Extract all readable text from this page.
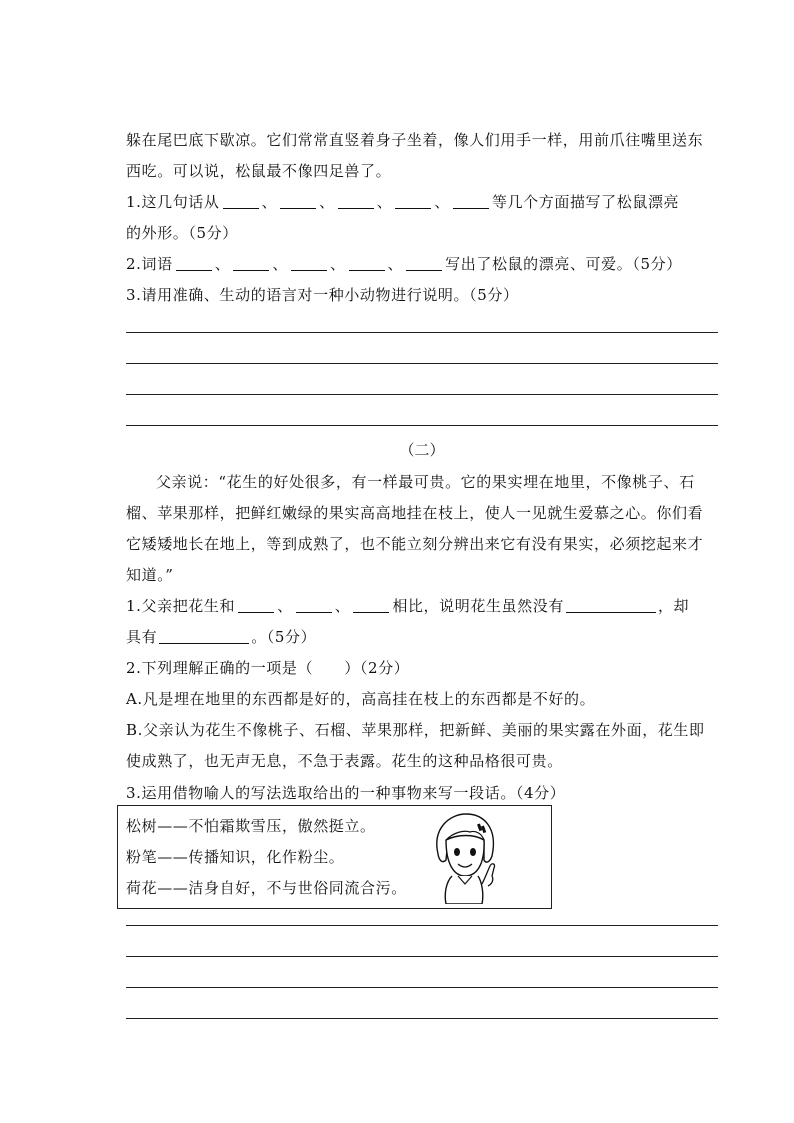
躲在尾巴底下歇凉。它们常常直竖着身子坐着，像人们用手一样，用前爪往嘴里送东
西吃。可以说，松鼠最不像四足兽了。
1.这几句话从	、	、	、	、	等几个方面描写了松鼠漂亮
的外形。（5分）
2.词语	、	、	、	、	写出了松鼠的漂亮、可爱。（5分）
3.请用准确、生动的语言对一种小动物进行说明。（5分）
（二）
父亲说：“花生的好处很多，有一样最可贵。它的果实埋在地里，不像桃子、石
榴、苹果那样，把鲜红嫩绿的果实高高地挂在枝上，使人一见就生爱慕之心。你们看
它矮矮地长在地上，等到成熟了，也不能立刻分辨出来它有没有果实，必须挖起来才
知道。”
1.父亲把花生和	、	、	相比，说明花生虽然没有	，却
具有	。（5分）
2.下列理解正确的一项是（　　）（2分）
A.凡是埋在地里的东西都是好的，高高挂在枝上的东西都是不好的。
B.父亲认为花生不像桃子、石榴、苹果那样，把新鲜、美丽的果实露在外面，花生即
使成熟了，也无声无息，不急于表露。花生的这种品格很可贵。
3.运用借物喻人的写法选取给出的一种事物来写一段话。（4分）
松树——不怕霜欺雪压，傲然挺立。
粉笔——传播知识，化作粉尘。
荷花——洁身自好，不与世俗同流合污。
